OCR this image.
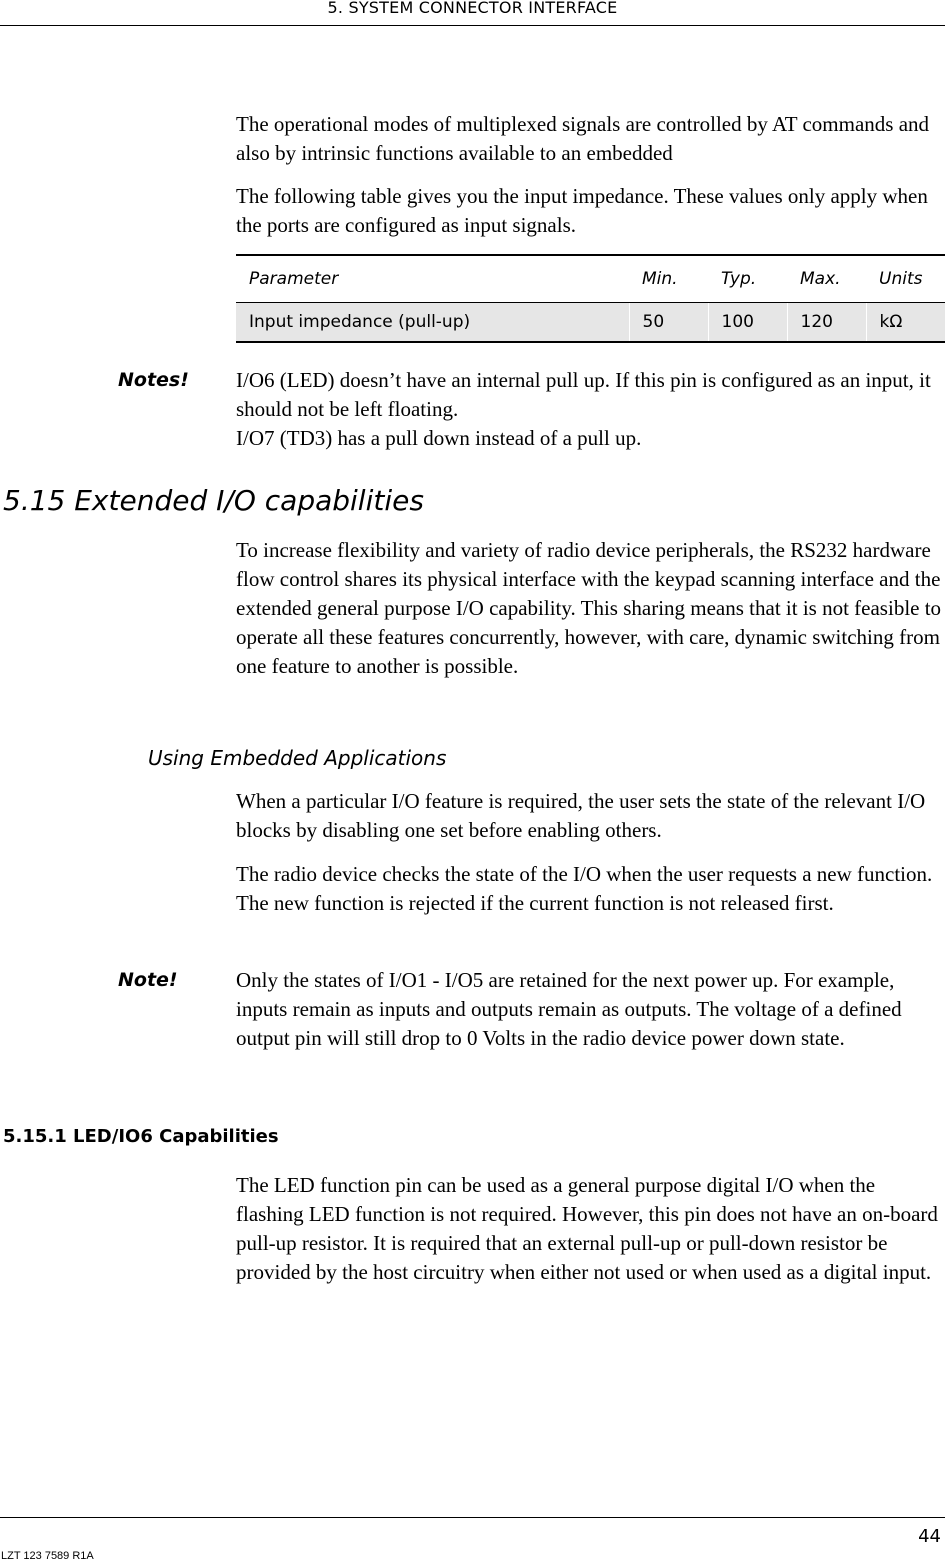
5. SYSTEM CONNECTOR INTERFACE

The operational modes of multiplexed signals are controlled by AT commands and also by intrinsic functions available to an embedded

The following table gives you the input impedance. These values only apply when the ports are configured as input signals.

Parameter	Min.	Typ.	Max.	Units
Input impedance (pull-up)	50	100	120	kΩ
Notes! I/O6 (LED) doesn’t have an internal pull up. If this pin is configured as an input, it should not be left floating.
I/O7 (TD3) has a pull down instead of a pull up.
5.15 Extended I/O capabilities

To increase flexibility and variety of radio device peripherals, the RS232 hardware flow control shares its physical interface with the keypad scanning interface and the extended general purpose I/O capability. This sharing means that it is not feasible to operate all these features concurrently, however, with care, dynamic switching from one feature to another is possible.

Using Embedded Applications

When a particular I/O feature is required, the user sets the state of the relevant I/O blocks by disabling one set before enabling others.

The radio device checks the state of the I/O when the user requests a new function. The new function is rejected if the current function is not released first.

Note!	Only the states of I/O1 - I/O5 are retained for the next power up. For example, inputs remain as inputs and outputs remain as outputs. The voltage of a defined output pin will still drop to 0 Volts in the radio device power down state.

5.15.1 LED/IO6 Capabilities

The LED function pin can be used as a general purpose digital I/O when the flashing LED function is not required. However, this pin does not have an on-board pull-up resistor. It is required that an external pull-up or pull-down resistor be provided by the host circuitry when either not used or when used as a digital input.

44
LZT 123 7589 R1A
